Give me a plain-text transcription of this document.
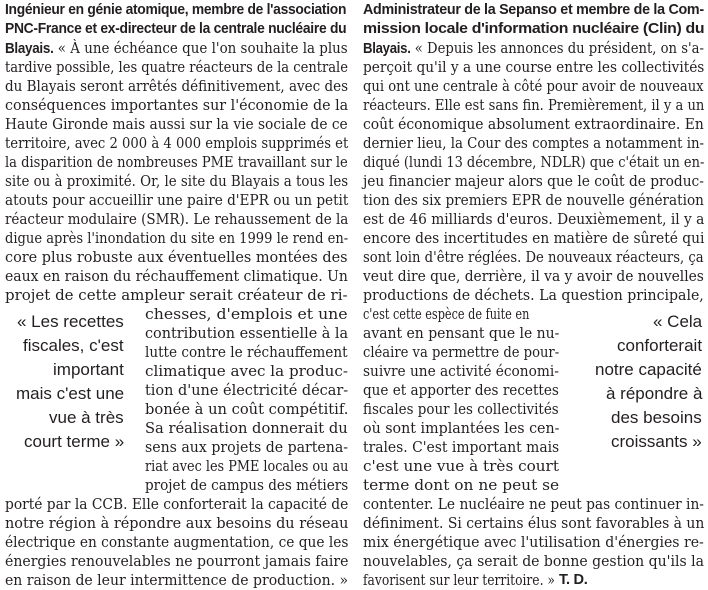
Ingénieur en génie atomique, membre de l'association
PNC-France et ex-directeur de la centrale nucléaire du
Blayais. « À une échéance que l'on souhaite la plus
tardive possible, les quatre réacteurs de la centrale
du Blayais seront arrêtés définitivement, avec des
conséquences importantes sur l'économie de la
Haute Gironde mais aussi sur la vie sociale de ce
territoire, avec 2 000 à 4 000 emplois supprimés et
la disparition de nombreuses PME travaillant sur le
site ou à proximité. Or, le site du Blayais a tous les
atouts pour accueillir une paire d'EPR ou un petit
réacteur modulaire (SMR). Le rehaussement de la
digue après l'inondation du site en 1999 le rend en-
core plus robuste aux éventuelles montées des
eaux en raison du réchauffement climatique. Un
projet de cette ampleur serait créateur de ri-
chesses, d'emplois et une
contribution essentielle à la
lutte contre le réchauffement
climatique avec la produc-
tion d'une électricité décar-
bonée à un coût compétitif.
Sa réalisation donnerait du
sens aux projets de partena-
riat avec les PME locales ou au
projet de campus des métiers
porté par la CCB. Elle conforterait la capacité de
notre région à répondre aux besoins du réseau
électrique en constante augmentation, ce que les
énergies renouvelables ne pourront jamais faire
en raison de leur intermittence de production. »
« Les recettes
fiscales, c'est
important
mais c'est une
vue à très
court terme »
Administrateur de la Sepanso et membre de la Com-
mission locale d'information nucléaire (Clin) du
Blayais. « Depuis les annonces du président, on s'a-
perçoit qu'il y a une course entre les collectivités
qui ont une centrale à côté pour avoir de nouveaux
réacteurs. Elle est sans fin. Premièrement, il y a un
coût économique absolument extraordinaire. En
dernier lieu, la Cour des comptes a notamment in-
diqué (lundi 13 décembre, NDLR) que c'était un en-
jeu financier majeur alors que le coût de produc-
tion des six premiers EPR de nouvelle génération
est de 46 milliards d'euros. Deuxièmement, il y a
encore des incertitudes en matière de sûreté qui
sont loin d'être réglées. De nouveaux réacteurs, ça
veut dire que, derrière, il va y avoir de nouvelles
productions de déchets. La question principale,
c'est cette espèce de fuite en
avant en pensant que le nu-
cléaire va permettre de pour-
suivre une activité économi-
que et apporter des recettes
fiscales pour les collectivités
où sont implantées les cen-
trales. C'est important mais
c'est une vue à très court
terme dont on ne peut se
contenter. Le nucléaire ne peut pas continuer in-
définiment. Si certains élus sont favorables à un
mix énergétique avec l'utilisation d'énergies re-
nouvelables, ça serait de bonne gestion qu'ils la
favorisent sur leur territoire. » T. D.
« Cela
conforterait
notre capacité
à répondre à
des besoins
croissants »
